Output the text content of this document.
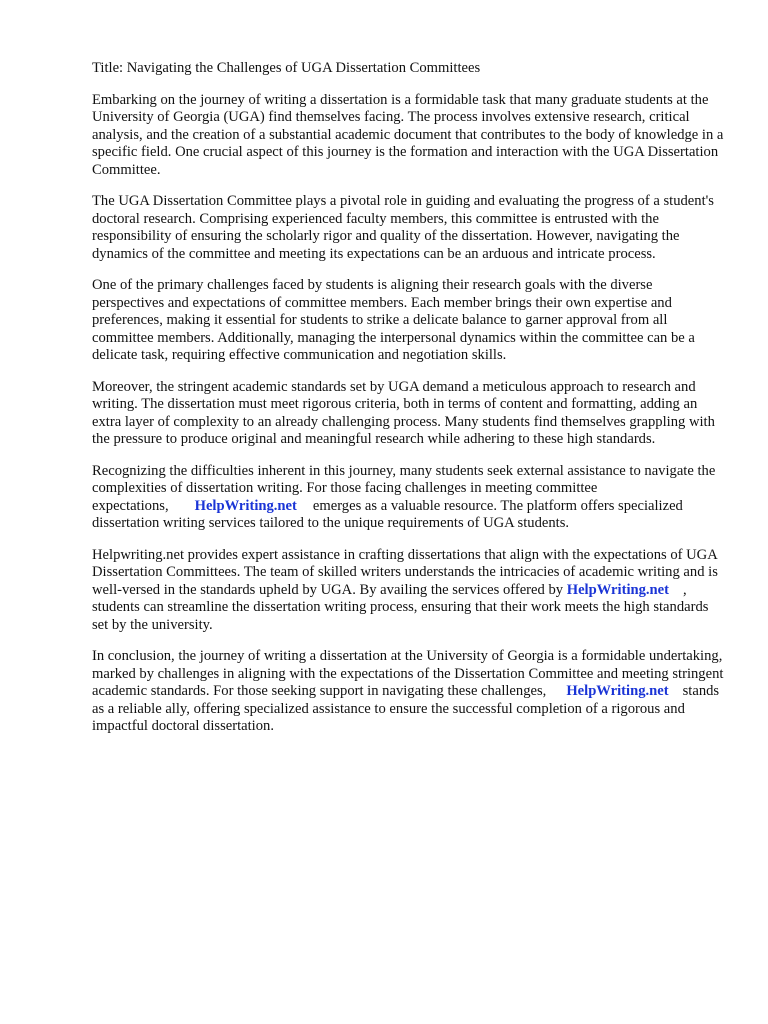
Title: Navigating the Challenges of UGA Dissertation Committees

Embarking on the journey of writing a dissertation is a formidable task that many graduate students at the University of Georgia (UGA) find themselves facing. The process involves extensive research, critical analysis, and the creation of a substantial academic document that contributes to the body of knowledge in a specific field. One crucial aspect of this journey is the formation and interaction with the UGA Dissertation Committee.

The UGA Dissertation Committee plays a pivotal role in guiding and evaluating the progress of a student's doctoral research. Comprising experienced faculty members, this committee is entrusted with the responsibility of ensuring the scholarly rigor and quality of the dissertation. However, navigating the dynamics of the committee and meeting its expectations can be an arduous and intricate process.

One of the primary challenges faced by students is aligning their research goals with the diverse perspectives and expectations of committee members. Each member brings their own expertise and preferences, making it essential for students to strike a delicate balance to garner approval from all committee members. Additionally, managing the interpersonal dynamics within the committee can be a delicate task, requiring effective communication and negotiation skills.

Moreover, the stringent academic standards set by UGA demand a meticulous approach to research and writing. The dissertation must meet rigorous criteria, both in terms of content and formatting, adding an extra layer of complexity to an already challenging process. Many students find themselves grappling with the pressure to produce original and meaningful research while adhering to these high standards.

Recognizing the difficulties inherent in this journey, many students seek external assistance to navigate the complexities of dissertation writing. For those facing challenges in meeting committee expectations, HelpWriting.net emerges as a valuable resource. The platform offers specialized dissertation writing services tailored to the unique requirements of UGA students.

Helpwriting.net provides expert assistance in crafting dissertations that align with the expectations of UGA Dissertation Committees. The team of skilled writers understands the intricacies of academic writing and is well-versed in the standards upheld by UGA. By availing the services offered by HelpWriting.net , students can streamline the dissertation writing process, ensuring that their work meets the high standards set by the university.

In conclusion, the journey of writing a dissertation at the University of Georgia is a formidable undertaking, marked by challenges in aligning with the expectations of the Dissertation Committee and meeting stringent academic standards. For those seeking support in navigating these challenges, HelpWriting.net stands as a reliable ally, offering specialized assistance to ensure the successful completion of a rigorous and impactful doctoral dissertation.
